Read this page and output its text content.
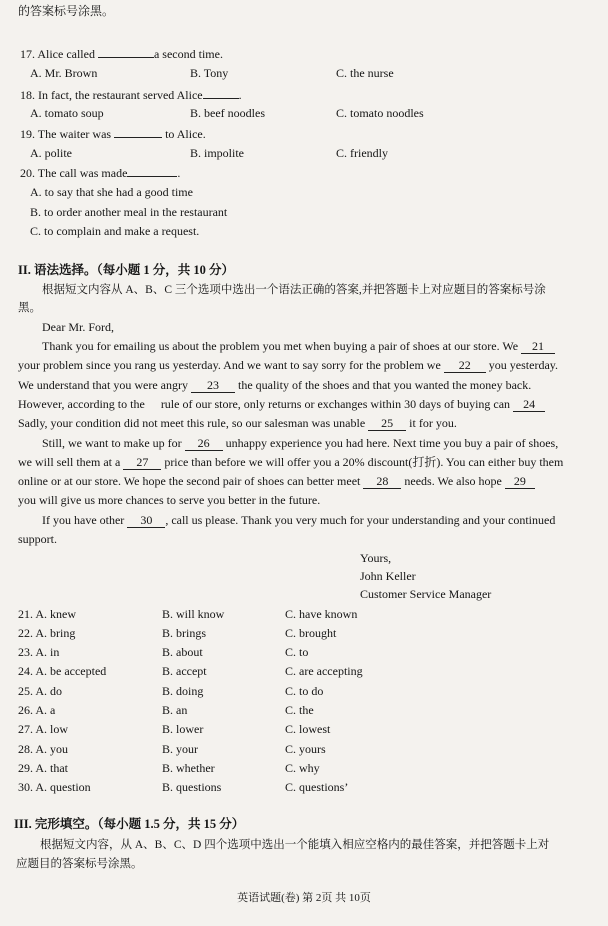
的答案标号涂黑。
17. Alice called	a second time.
A. Mr. Brown	B. Tony	C. the nurse
18. In fact, the restaurant served Alice	.
A. tomato soup	B. beef noodles	C. tomato noodles
19. The waiter was	to Alice.
A. polite	B. impolite	C. friendly
20. The call was made	.
A. to say that she had a good time
B. to order another meal in the restaurant
C. to complain and make a request.
II. 语法选择。（每小题 1 分，共 10 分）
根据短文内容从 A、B、C 三个选项中选出一个语法正确的答案,并把答题卡上对应题目的答案标号涂
黑。
Dear Mr. Ford,
Thank you for emailing us about the problem you met when buying a pair of shoes at our store. We 21
your problem since you rang us yesterday. And we want to say sorry for the problem we 22 you yesterday.
We understand that you were angry 23 the quality of the shoes and that you wanted the money back.
However, according to the rule of our store, only returns or exchanges within 30 days of buying can 24
Sadly, your condition did not meet this rule, so our salesman was unable 25 it for you.
Still, we want to make up for 26 unhappy experience you had here. Next time you buy a pair of shoes,
we will sell them at a 27 price than before we will offer you a 20% discount(打折). You can either buy them
online or at our store. We hope the second pair of shoes can better meet 28 needs. We also hope 29
you will give us more chances to serve you better in the future.
If you have other 30 , call us please. Thank you very much for your understanding and your continued
support.
Yours,
John Keller
Customer Service Manager
21. A. knew	B. will know	C. have known
22. A. bring	B. brings	C. brought
23. A. in	B. about	C. to
24. A. be accepted	B. accept	C. are accepting
25. A. do	B. doing	C. to do
26. A. a	B. an	C. the
27. A. low	B. lower	C. lowest
28. A. you	B. your	C. yours
29. A. that	B. whether	C. why
30. A. question	B. questions	C. questions’
III. 完形填空。（每小题 1.5 分，共 15 分）
根据短文内容，从 A、B、C、D 四个选项中选出一个能填入相应空格内的最佳答案，并把答题卡上对
应题目的答案标号涂黑。
英语试题(卷) 第 2页 共 10页
